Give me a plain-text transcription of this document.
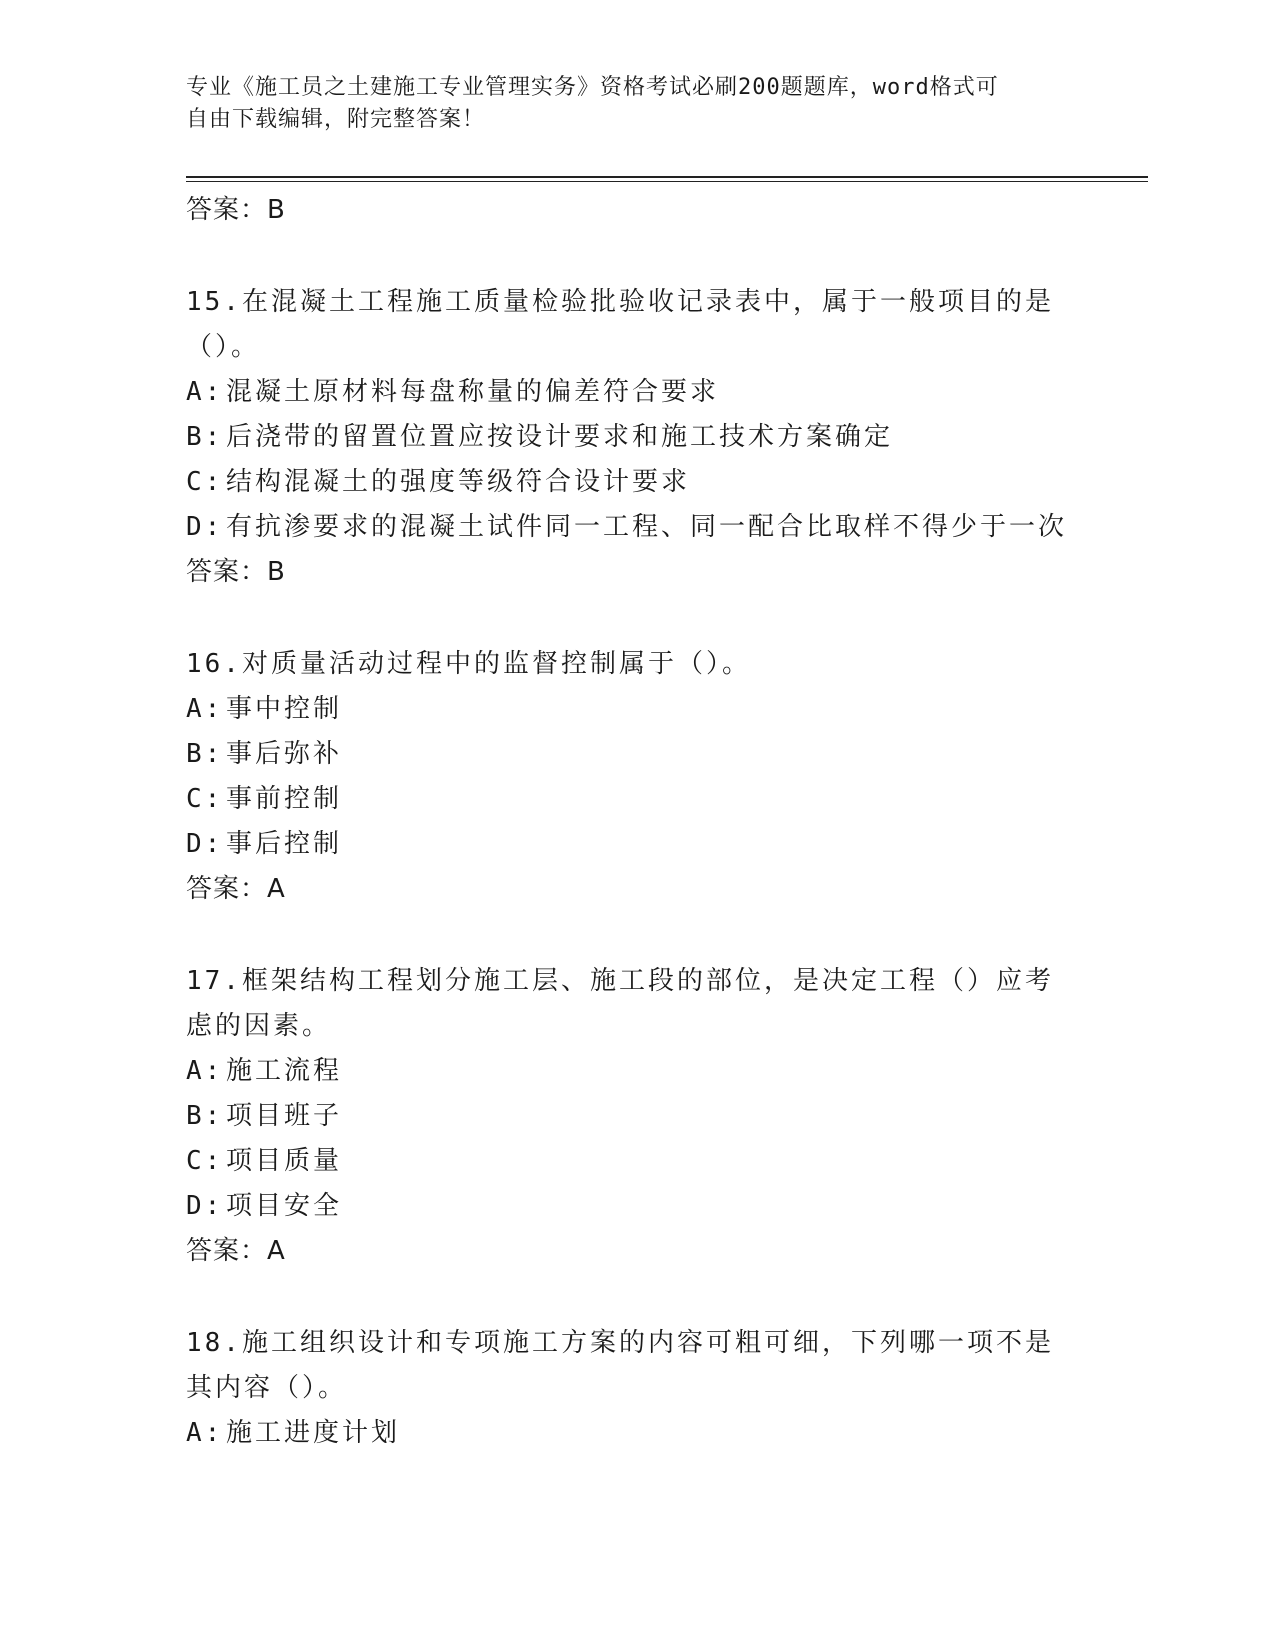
专业《施工员之土建施工专业管理实务》资格考试必刷200题题库，word格式可
自由下载编辑，附完整答案！
答案：B
15.在混凝土工程施工质量检验批验收记录表中，属于一般项目的是（）。
A: 混凝土原材料每盘称量的偏差符合要求
B: 后浇带的留置位置应按设计要求和施工技术方案确定
C: 结构混凝土的强度等级符合设计要求
D: 有抗渗要求的混凝土试件同一工程、同一配合比取样不得少于一次
答案：B
16.对质量活动过程中的监督控制属于（）。
A: 事中控制
B: 事后弥补
C: 事前控制
D: 事后控制
答案：A
17.框架结构工程划分施工层、施工段的部位，是决定工程（）应考虑的因素。
A: 施工流程
B: 项目班子
C: 项目质量
D: 项目安全
答案：A
18.施工组织设计和专项施工方案的内容可粗可细，下列哪一项不是其内容（）。
A: 施工进度计划
